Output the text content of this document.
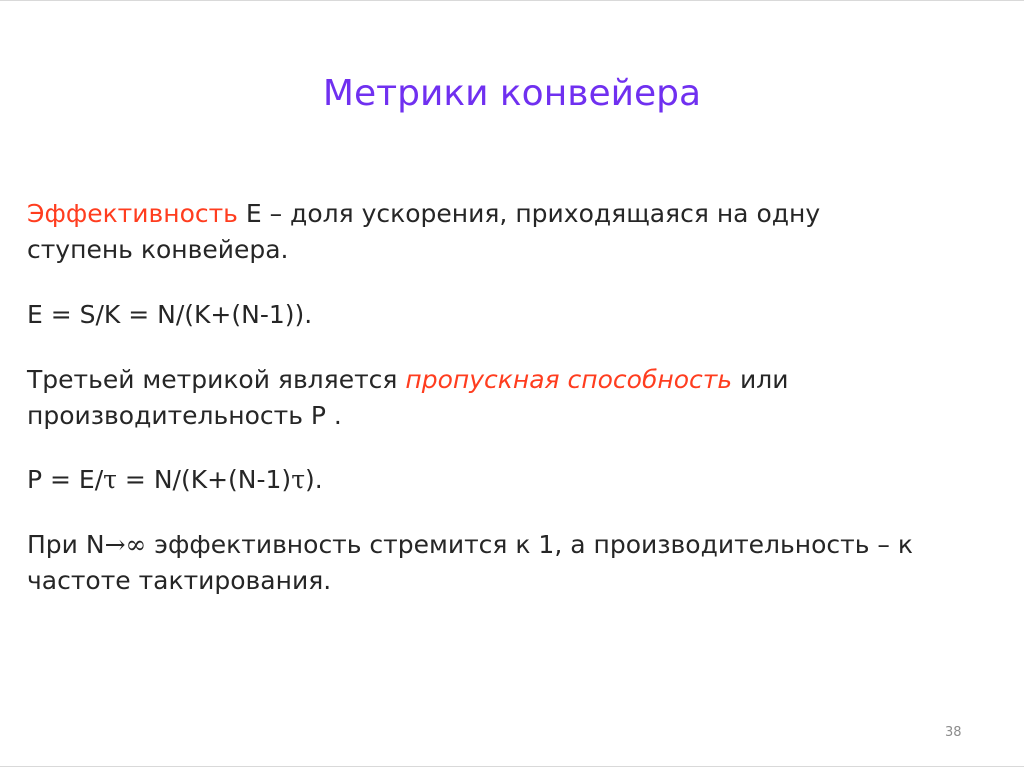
Метрики конвейера
Эффективность E – доля ускорения, приходящаяся на одну
ступень конвейера.
E = S/K = N/(K+(N-1)).
Третьей метрикой является пропускная способность или
производительность P .
P = E/τ = N/(K+(N-1)τ).
При N→∞ эффективность стремится к 1, а производительность – к
частоте тактирования.
38
